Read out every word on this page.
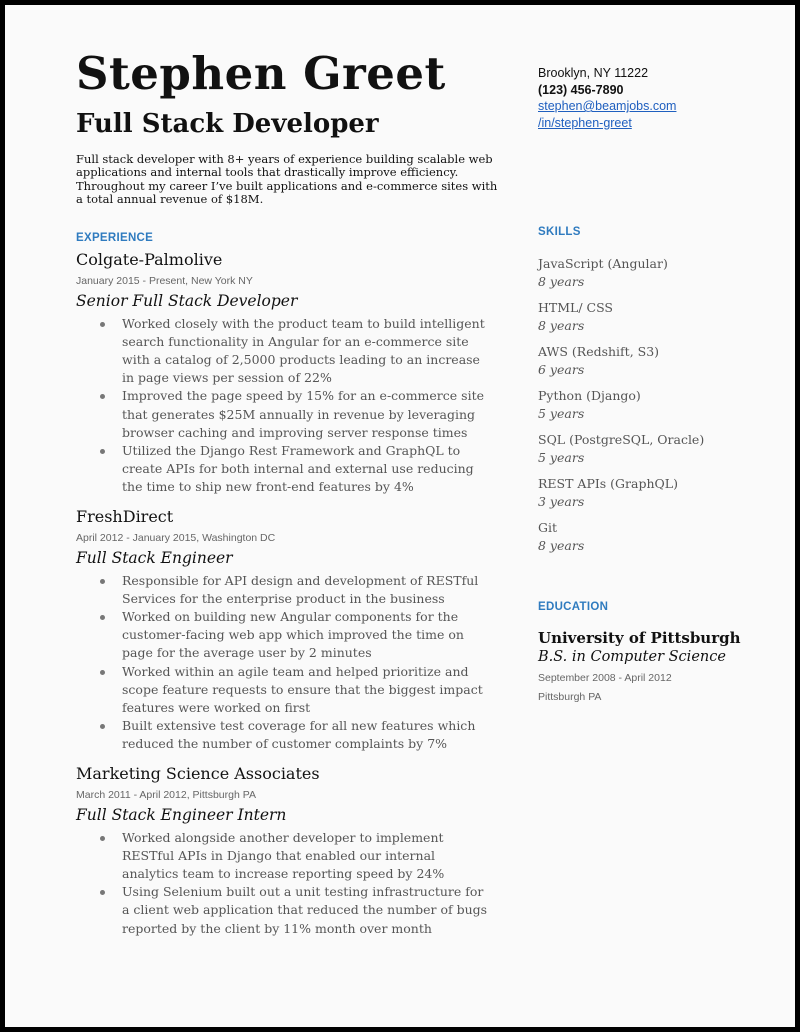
Stephen Greet
Full Stack Developer
Full stack developer with 8+ years of experience building scalable web applications and internal tools that drastically improve efficiency. Throughout my career I’ve built applications and e-commerce sites with a total annual revenue of $18M.
EXPERIENCE
Colgate-Palmolive
January 2015 - Present, New York NY
Senior Full Stack Developer
Worked closely with the product team to build intelligent search functionality in Angular for an e-commerce site with a catalog of 2,5000 products leading to an increase in page views per session of 22%
Improved the page speed by 15% for an e-commerce site that generates $25M annually in revenue by leveraging browser caching and improving server response times
Utilized the Django Rest Framework and GraphQL to create APIs for both internal and external use reducing the time to ship new front-end features by 4%
FreshDirect
April 2012 - January 2015, Washington DC
Full Stack Engineer
Responsible for API design and development of RESTful Services for the enterprise product in the business
Worked on building new Angular components for the customer-facing web app which improved the time on page for the average user by 2 minutes
Worked within an agile team and helped prioritize and scope feature requests to ensure that the biggest impact features were worked on first
Built extensive test coverage for all new features which reduced the number of customer complaints by 7%
Marketing Science Associates
March 2011 - April 2012, Pittsburgh PA
Full Stack Engineer Intern
Worked alongside another developer to implement RESTful APIs in Django that enabled our internal analytics team to increase reporting speed by 24%
Using Selenium built out a unit testing infrastructure for a client web application that reduced the number of bugs reported by the client by 11% month over month
Brooklyn, NY 11222
(123) 456-7890
stephen@beamjobs.com
/in/stephen-greet
SKILLS
JavaScript (Angular)
8 years
HTML/ CSS
8 years
AWS (Redshift, S3)
6 years
Python (Django)
5 years
SQL (PostgreSQL, Oracle)
5 years
REST APIs (GraphQL)
3 years
Git
8 years
EDUCATION
University of Pittsburgh
B.S. in Computer Science
September 2008 - April 2012
Pittsburgh PA
